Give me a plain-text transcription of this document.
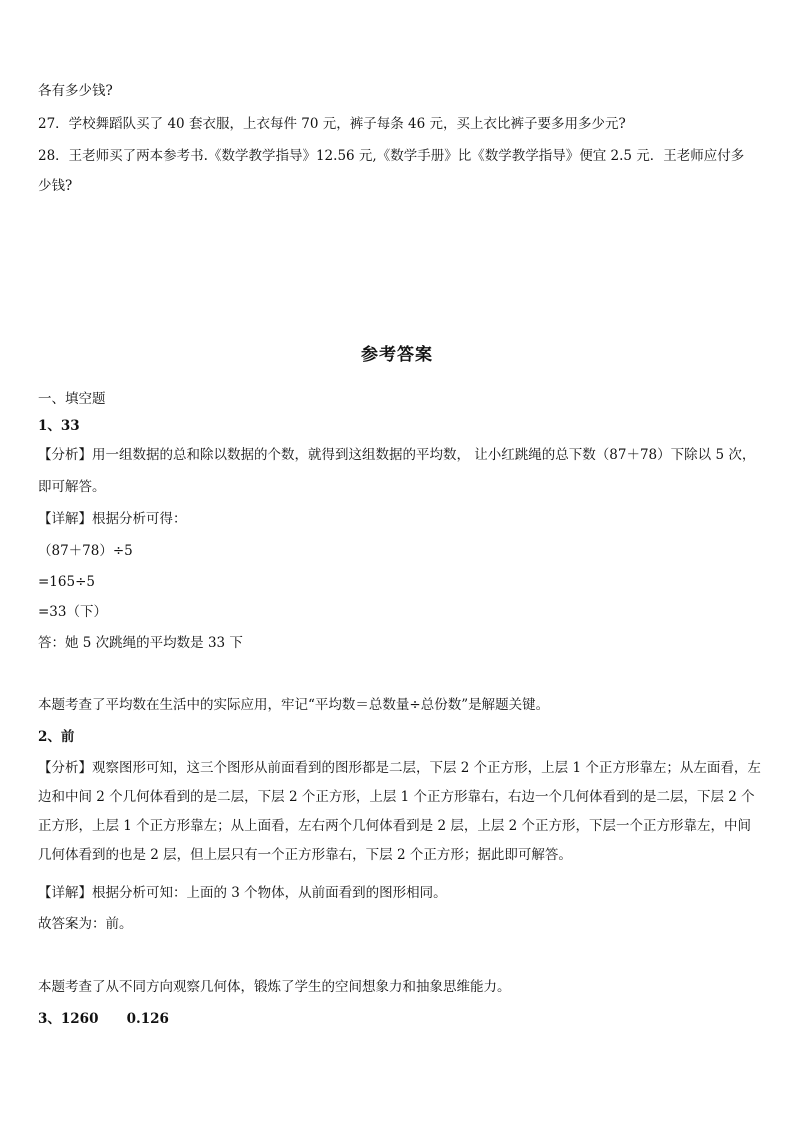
各有多少钱?
27．学校舞蹈队买了 40 套衣服，上衣每件 70 元，裤子每条 46 元，买上衣比裤子要多用多少元?
28．王老师买了两本参考书.《数学教学指导》12.56 元,《数学手册》比《数学教学指导》便宜 2.5 元．王老师应付多
少钱?
参考答案
一、填空题
1、33
【分析】用一组数据的总和除以数据的个数，就得到这组数据的平均数， 让小红跳绳的总下数（87＋78）下除以 5 次，
即可解答。
【详解】根据分析可得：
（87＋78）÷5
=165÷5
=33（下）
答：她 5 次跳绳的平均数是 33 下
本题考查了平均数在生活中的实际应用，牢记“平均数＝总数量÷总份数”是解题关键。
2、前
【分析】观察图形可知，这三个图形从前面看到的图形都是二层，下层 2 个正方形，上层 1 个正方形靠左；从左面看，左边和中间 2 个几何体看到的是二层，下层 2 个正方形，上层 1 个正方形靠右，右边一个几何体看到的是二层，下层 2 个正方形，上层 1 个正方形靠左；从上面看，左右两个几何体看到是 2 层，上层 2 个正方形，下层一个正方形靠左，中间几何体看到的也是 2 层，但上层只有一个正方形靠右，下层 2 个正方形；据此即可解答。
【详解】根据分析可知：上面的 3 个物体，从前面看到的图形相同。
故答案为：前。
本题考查了从不同方向观察几何体，锻炼了学生的空间想象力和抽象思维能力。
3、1260      0.126
